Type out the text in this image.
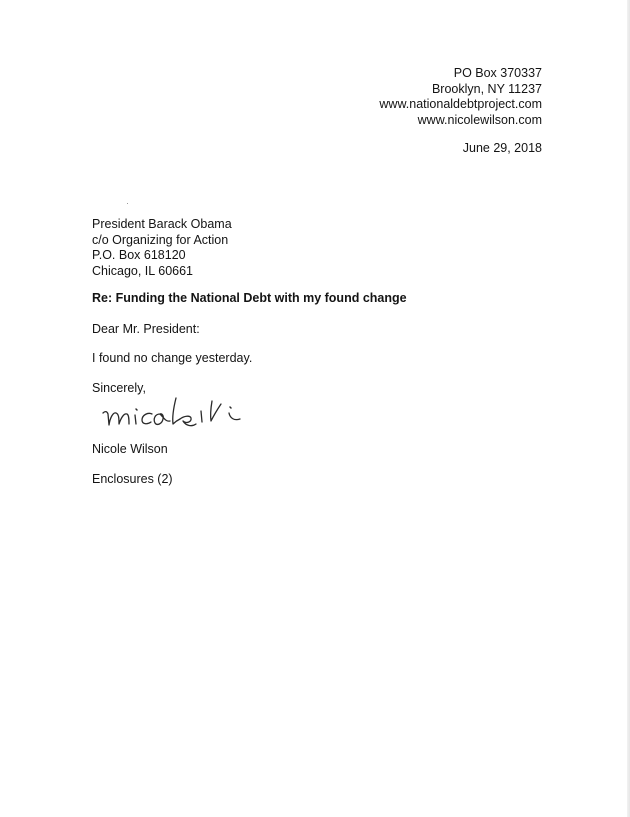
PO Box 370337
Brooklyn, NY 11237
www.nationaldebtproject.com
www.nicolewilson.com
June 29, 2018
President Barack Obama
c/o Organizing for Action
P.O. Box 618120
Chicago, IL 60661
Re: Funding the National Debt with my found change
Dear Mr. President:
I found no change yesterday.
Sincerely,
Nicole Wilson
Enclosures (2)
